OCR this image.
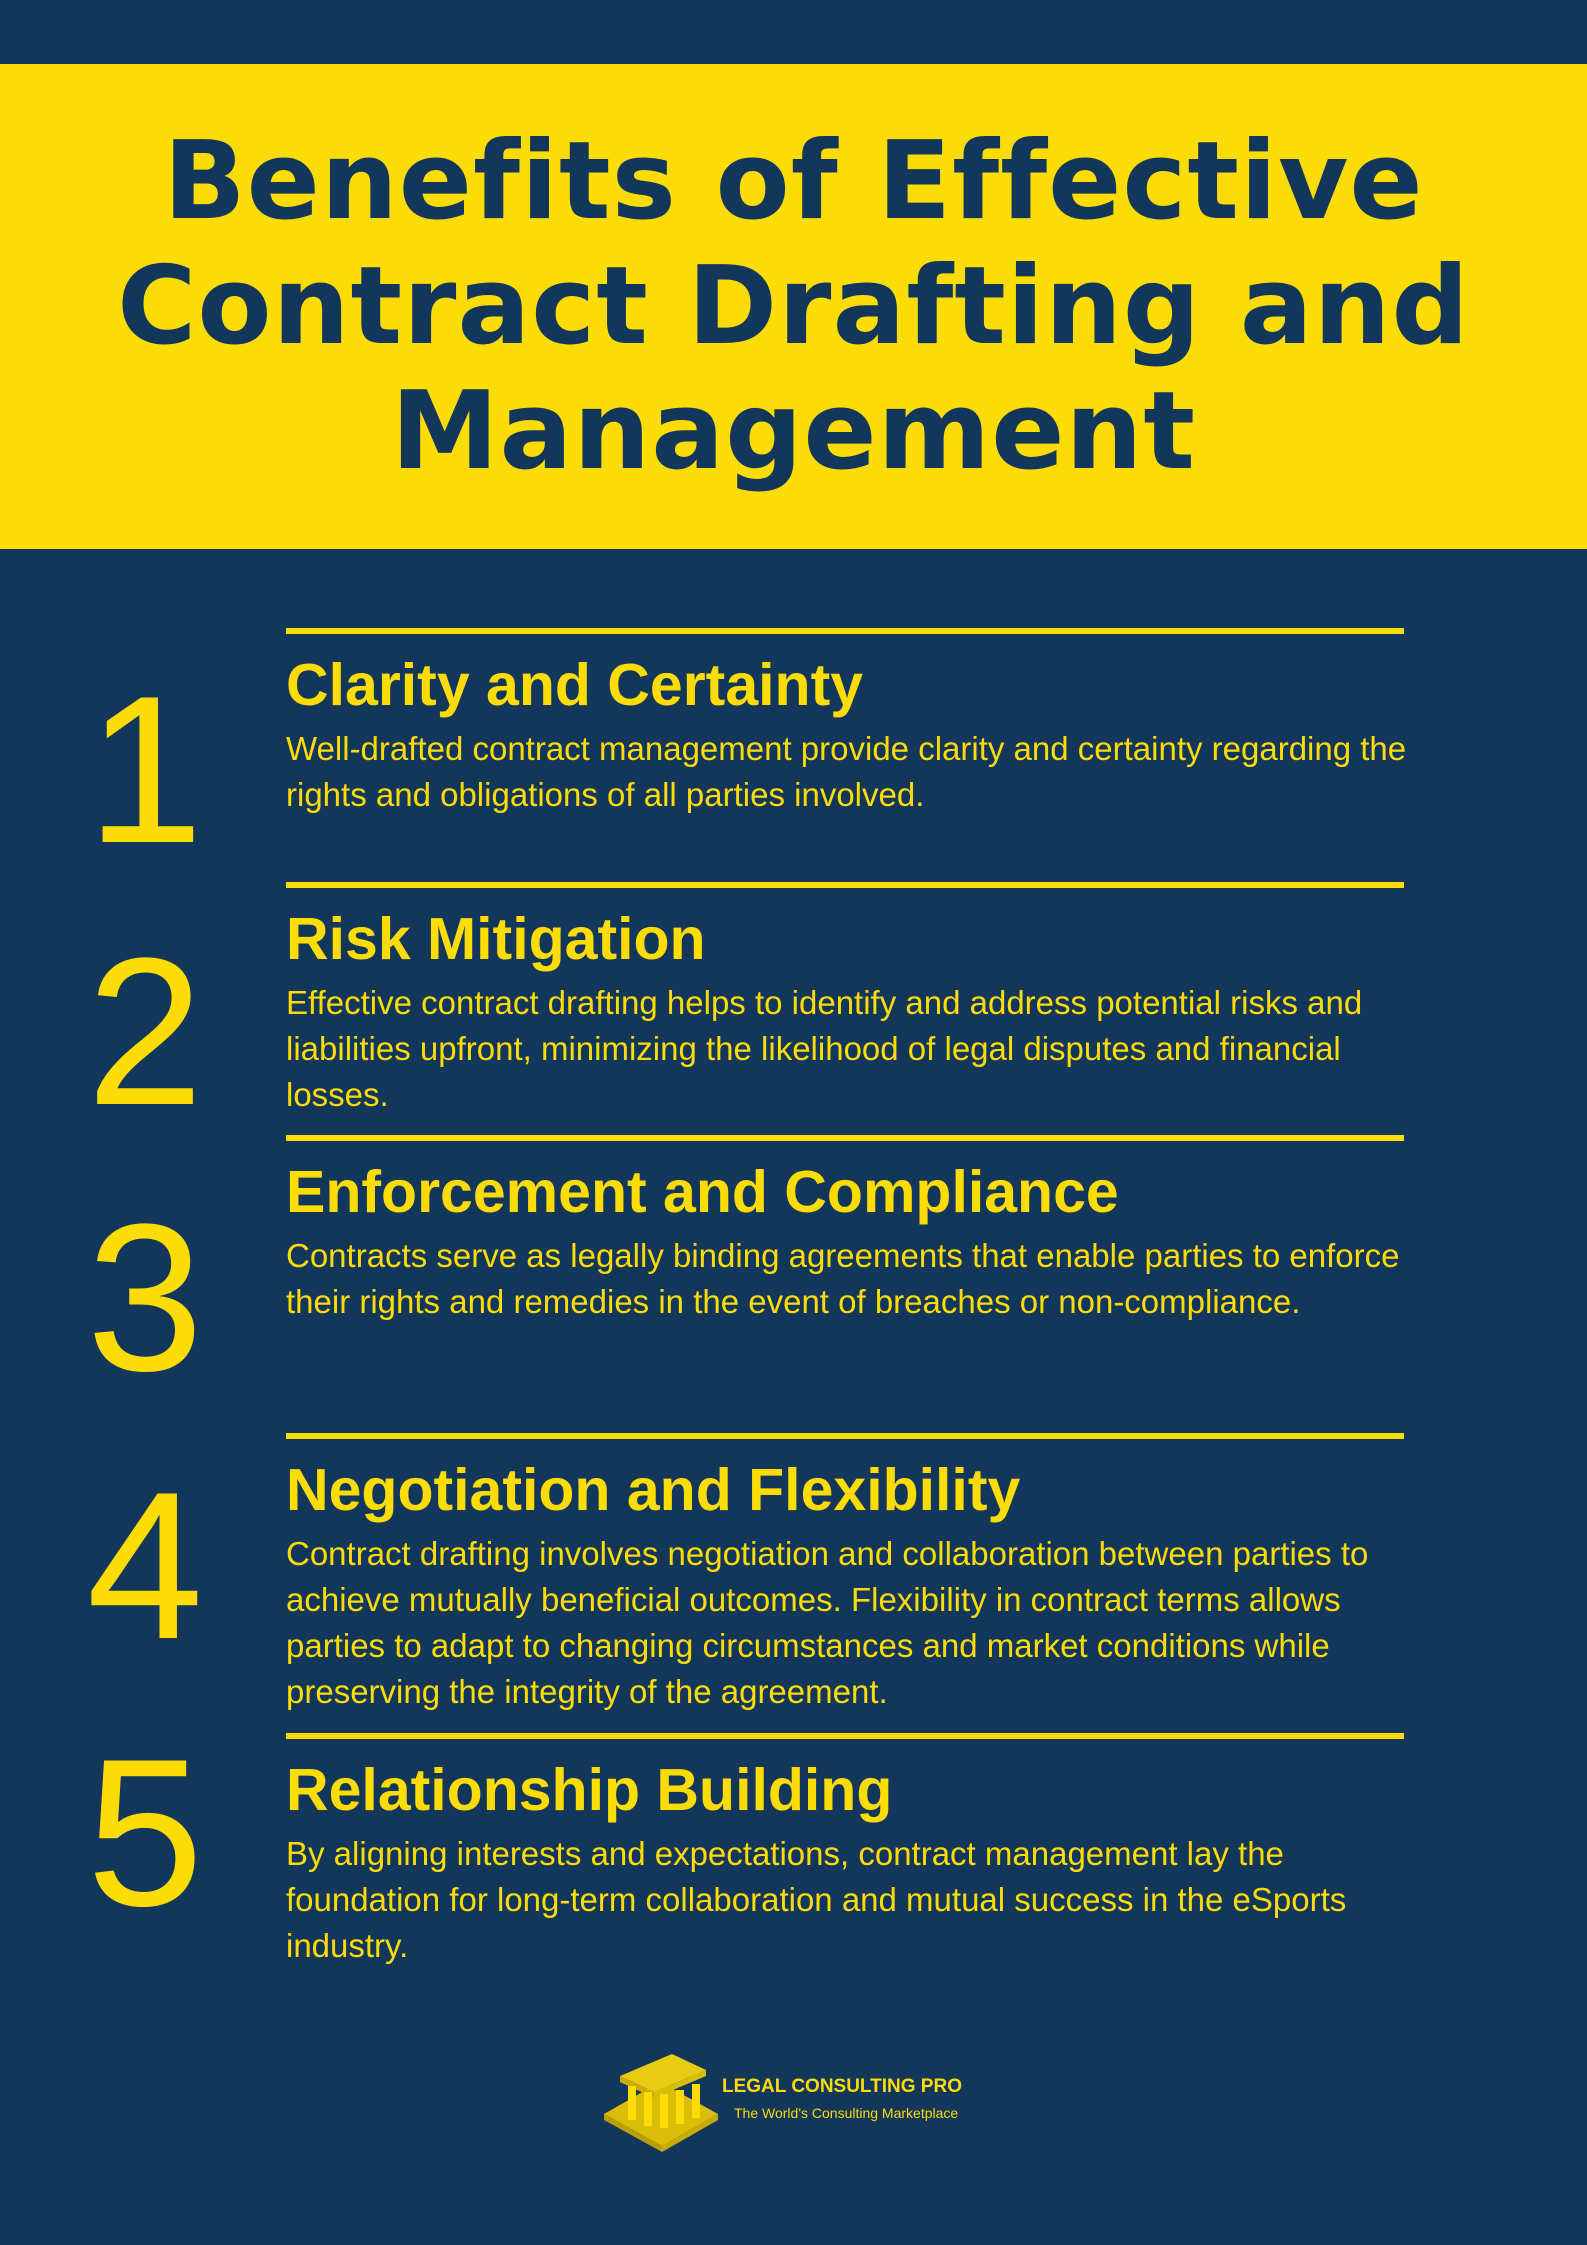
Benefits of Effective Contract Drafting and Management
1	Clarity and Certainty

Well-drafted contract management provide clarity and certainty regarding the rights and obligations of all parties involved.

2	Risk Mitigation

Effective contract drafting helps to identify and address potential risks and liabilities upfront, minimizing the likelihood of legal disputes and financial losses.

3	Enforcement and Compliance

Contracts serve as legally binding agreements that enable parties to enforce their rights and remedies in the event of breaches or non-compliance.

4	Negotiation and Flexibility

Contract drafting involves negotiation and collaboration between parties to achieve mutually beneficial outcomes. Flexibility in contract terms allows parties to adapt to changing circumstances and market conditions while preserving the integrity of the agreement.

5	Relationship Building

By aligning interests and expectations, contract management lay the foundation for long-term collaboration and mutual success in the eSports industry.

LEGAL CONSULTING PRO
The World's Consulting Marketplace
